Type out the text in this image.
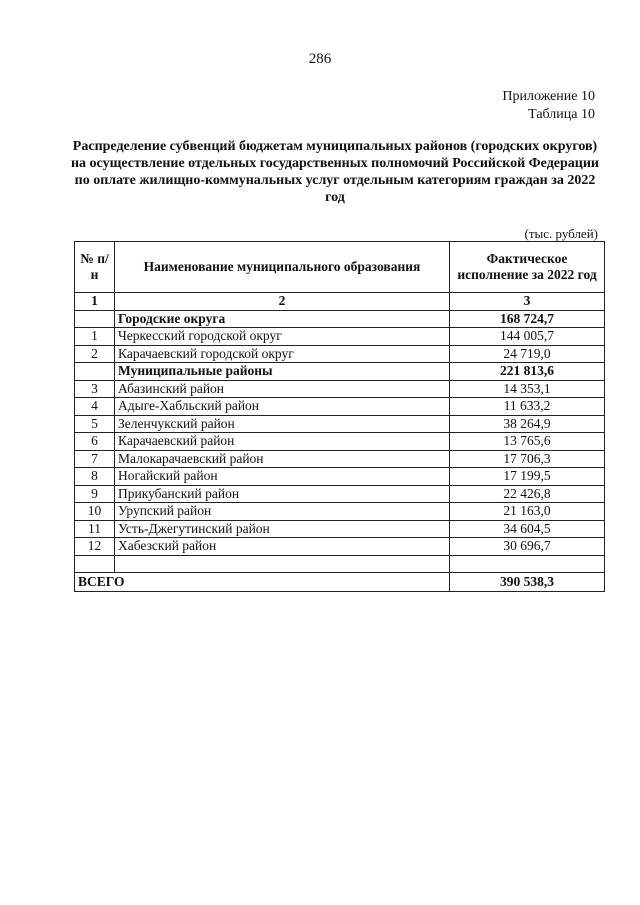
286
Приложение 10
Таблица 10
Распределение субвенций бюджетам муниципальных районов (городских округов) на осуществление отдельных государственных полномочий Российской Федерации по оплате жилищно-коммунальных услуг отдельным категориям граждан за 2022 год
(тыс. рублей)
№ п/н	Наименование муниципального образования	Фактическое исполнение за 2022 год
1	2	3
	Городские округа	168 724,7
1	Черкесский городской округ	144 005,7
2	Карачаевский городской округ	24 719,0
	Муниципальные районы	221 813,6
3	Абазинский район	14 353,1
4	Адыге-Хабльский район	11 633,2
5	Зеленчукский район	38 264,9
6	Карачаевский район	13 765,6
7	Малокарачаевский район	17 706,3
8	Ногайский район	17 199,5
9	Прикубанский район	22 426,8
10	Урупский район	21 163,0
11	Усть-Джегутинский район	34 604,5
12	Хабезский район	30 696,7

ВСЕГО		390 538,3
